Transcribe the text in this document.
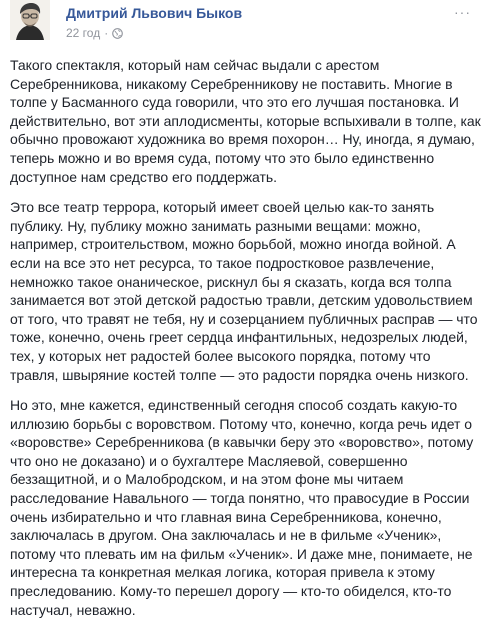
Дмитрий Львович Быков
22 год ·
···

Такого спектакля, который нам сейчас выдали с арестом Серебренникова, никакому Серебренникову не поставить. Многие в толпе у Басманного суда говорили, что это его лучшая постановка. И действительно, вот эти аплодисменты, которые вспыхивали в толпе, как обычно провожают художника во время похорон… Ну, иногда, я думаю, теперь можно и во время суда, потому что это было единственно доступное нам средство его поддержать.

Это все театр террора, который имеет своей целью как-то занять публику. Ну, публику можно занимать разными вещами: можно, например, строительством, можно борьбой, можно иногда войной. А если на все это нет ресурса, то такое подростковое развлечение, немножко такое онаническое, рискнул бы я сказать, когда вся толпа занимается вот этой детской радостью травли, детским удовольствием от того, что травят не тебя, ну и созерцанием публичных расправ — что тоже, конечно, очень греет сердца инфантильных, недозрелых людей, тех, у которых нет радостей более высокого порядка, потому что травля, швыряние костей толпе — это радости порядка очень низкого.

Но это, мне кажется, единственный сегодня способ создать какую-то иллюзию борьбы с воровством. Потому что, конечно, когда речь идет о «воровстве» Серебренникова (в кавычки беру это «воровство», потому что оно не доказано) и о бухгалтере Масляевой, совершенно беззащитной, и о Малобродском, и на этом фоне мы читаем расследование Навального — тогда понятно, что правосудие в России очень избирательно и что главная вина Серебренникова, конечно, заключалась в другом. Она заключалась и не в фильме «Ученик», потому что плевать им на фильм «Ученик». И даже мне, понимаете, не интересна та конкретная мелкая логика, которая привела к этому преследованию. Кому-то перешел дорогу — кто-то обиделся, кто-то настучал, неважно.
